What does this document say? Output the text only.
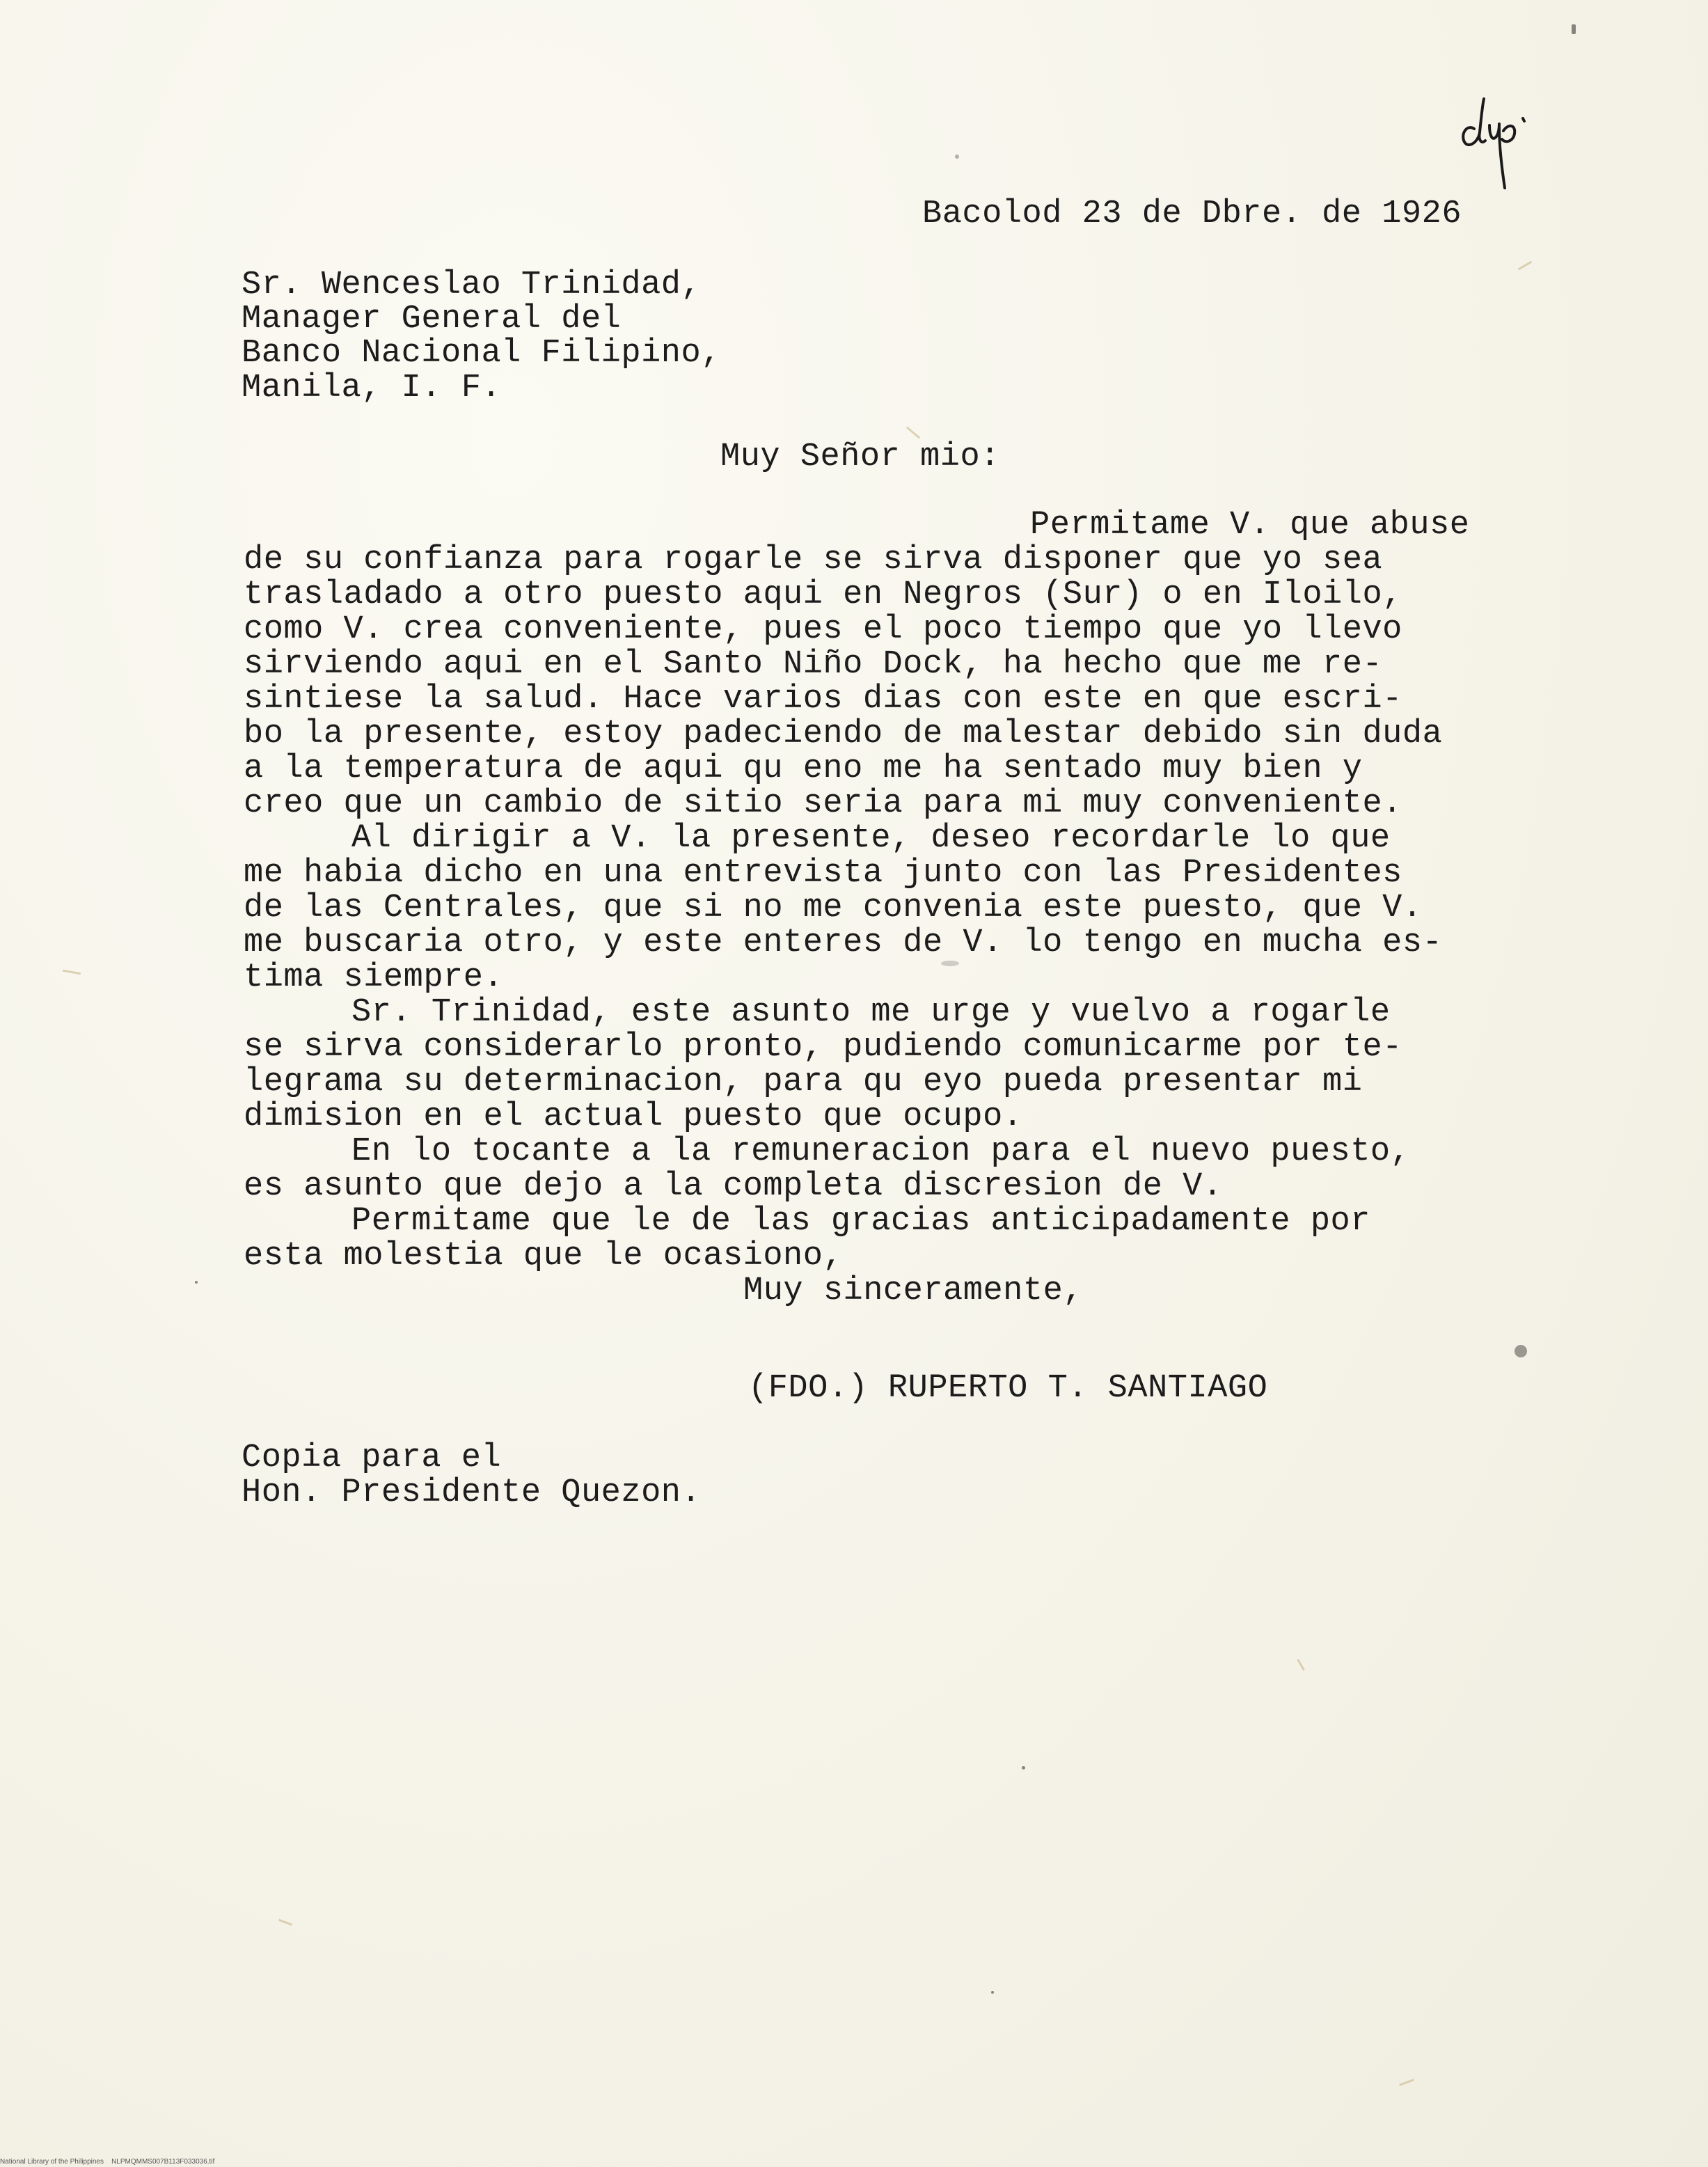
Bacolod 23 de Dbre. de 1926
Sr. Wenceslao Trinidad,
Manager General del
Banco Nacional Filipino,
Manila, I. F.
Muy Señor mio:
Permitame V. que abuse
de su confianza para rogarle se sirva disponer que yo sea
trasladado a otro puesto aqui en Negros (Sur) o en Iloilo,
como V. crea conveniente, pues el poco tiempo que yo llevo
sirviendo aqui en el Santo Niño Dock, ha hecho que me re-
sintiese la salud. Hace varios dias con este en que escri-
bo la presente, estoy padeciendo de malestar debido sin duda
a la temperatura de aqui qu eno me ha sentado muy bien y
creo que un cambio de sitio seria para mi muy conveniente.
Al dirigir a V. la presente, deseo recordarle lo que
me habia dicho en una entrevista junto con las Presidentes
de las Centrales, que si no me convenia este puesto, que V.
me buscaria otro, y este enteres de V. lo tengo en mucha es-
tima siempre.
Sr. Trinidad, este asunto me urge y vuelvo a rogarle
se sirva considerarlo pronto, pudiendo comunicarme por te-
legrama su determinacion, para qu eyo pueda presentar mi
dimision en el actual puesto que ocupo.
En lo tocante a la remuneracion para el nuevo puesto,
es asunto que dejo a la completa discresion de V.
Permitame que le de las gracias anticipadamente por
esta molestia que le ocasiono,
Muy sinceramente,
(FDO.) RUPERTO T. SANTIAGO
Copia para el
Hon. Presidente Quezon.
National Library of the Philippines    NLPMQMMS007B113F033036.tif
